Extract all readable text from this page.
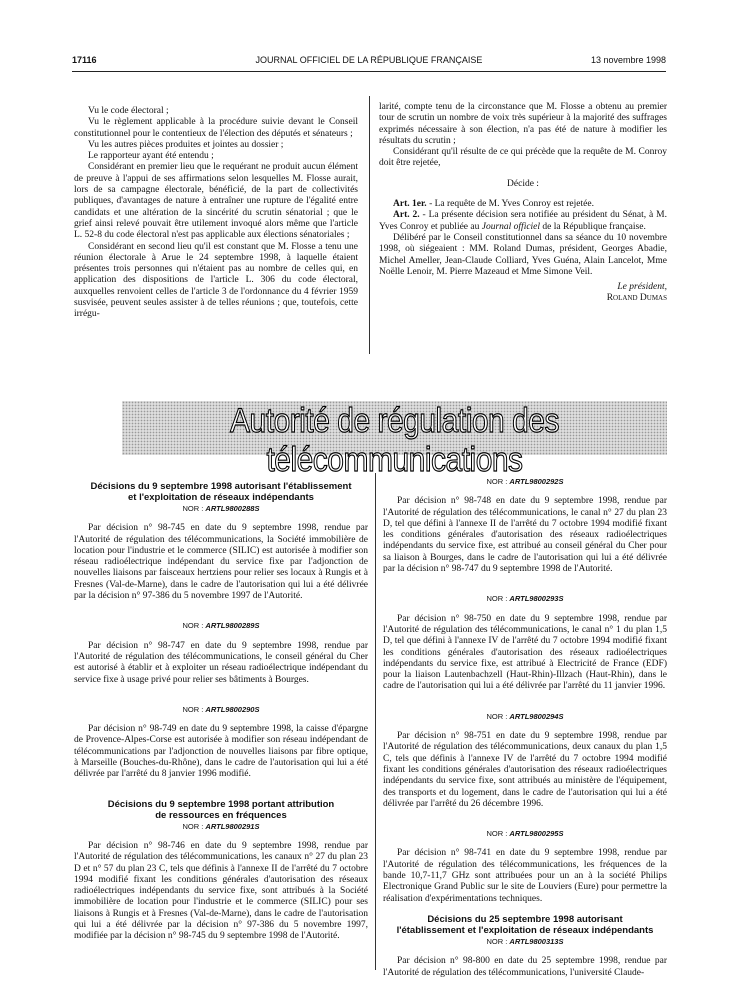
17116	JOURNAL OFFICIEL DE LA RÉPUBLIQUE FRANÇAISE	13 novembre 1998

Vu le code électoral ;

Vu le règlement applicable à la procédure suivie devant le Conseil constitutionnel pour le contentieux de l'élection des députés et sénateurs ;

Vu les autres pièces produites et jointes au dossier ;

Le rapporteur ayant été entendu ;

Considérant en premier lieu que le requérant ne produit aucun élément de preuve à l'appui de ses affirmations selon lesquelles M. Flosse aurait, lors de sa campagne électorale, bénéficié, de la part de collectivités publiques, d'avantages de nature à entraîner une rupture de l'égalité entre candidats et une altération de la sincérité du scrutin sénatorial ; que le grief ainsi relevé pouvait être utilement invoqué alors même que l'article L. 52-8 du code électoral n'est pas applicable aux élections sénatoriales ;

Considérant en second lieu qu'il est constant que M. Flosse a tenu une réunion électorale à Arue le 24 septembre 1998, à laquelle étaient présentes trois personnes qui n'étaient pas au nombre de celles qui, en application des dispositions de l'article L. 306 du code électoral, auxquelles renvoient celles de l'article 3 de l'ordonnance du 4 février 1959 susvisée, peuvent seules assister à de telles réunions ; que, toutefois, cette irrégu-

larité, compte tenu de la circonstance que M. Flosse a obtenu au premier tour de scrutin un nombre de voix très supérieur à la majorité des suffrages exprimés nécessaire à son élection, n'a pas été de nature à modifier les résultats du scrutin ;

Considérant qu'il résulte de ce qui précède que la requête de M. Conroy doit être rejetée,

Décide :

Art. 1er. - La requête de M. Yves Conroy est rejetée.

Art. 2. - La présente décision sera notifiée au président du Sénat, à M. Yves Conroy et publiée au Journal officiel de la République française.

Délibéré par le Conseil constitutionnel dans sa séance du 10 novembre 1998, où siégeaient : MM. Roland Dumas, président, Georges Abadie, Michel Ameller, Jean-Claude Colliard, Yves Guéna, Alain Lancelot, Mme Noëlle Lenoir, M. Pierre Mazeaud et Mme Simone Veil.

Le président,

Roland Dumas

Autorité de régulation des télécommunications

Décisions du 9 septembre 1998 autorisant l'établissement

et l'exploitation de réseaux indépendants

NOR : ARTL9800288S

Par décision n° 98-745 en date du 9 septembre 1998, rendue par l'Autorité de régulation des télécommunications, la Société immobilière de location pour l'industrie et le commerce (SILIC) est autorisée à modifier son réseau radioélectrique indépendant du service fixe par l'adjonction de nouvelles liaisons par faisceaux hertziens pour relier ses locaux à Rungis et à Fresnes (Val-de-Marne), dans le cadre de l'autorisation qui lui a été délivrée par la décision n° 97-386 du 5 novembre 1997 de l'Autorité.

NOR : ARTL9800289S

Par décision n° 98-747 en date du 9 septembre 1998, rendue par l'Autorité de régulation des télécommunications, le conseil général du Cher est autorisé à établir et à exploiter un réseau radioélectrique indépendant du service fixe à usage privé pour relier ses bâtiments à Bourges.

NOR : ARTL9800290S

Par décision n° 98-749 en date du 9 septembre 1998, la caisse d'épargne de Provence-Alpes-Corse est autorisée à modifier son réseau indépendant de télécommunications par l'adjonction de nouvelles liaisons par fibre optique, à Marseille (Bouches-du-Rhône), dans le cadre de l'autorisation qui lui a été délivrée par l'arrêté du 8 janvier 1996 modifié.

Décisions du 9 septembre 1998 portant attribution

de ressources en fréquences

NOR : ARTL9800291S

Par décision n° 98-746 en date du 9 septembre 1998, rendue par l'Autorité de régulation des télécommunications, les canaux n° 27 du plan 23 D et n° 57 du plan 23 C, tels que définis à l'annexe II de l'arrêté du 7 octobre 1994 modifié fixant les conditions générales d'autorisation des réseaux radioélectriques indépendants du service fixe, sont attribués à la Société immobilière de location pour l'industrie et le commerce (SILIC) pour ses liaisons à Rungis et à Fresnes (Val-de-Marne), dans le cadre de l'autorisation qui lui a été délivrée par la décision n° 97-386 du 5 novembre 1997, modifiée par la décision n° 98-745 du 9 septembre 1998 de l'Autorité.

NOR : ARTL9800292S

Par décision n° 98-748 en date du 9 septembre 1998, rendue par l'Autorité de régulation des télécommunications, le canal n° 27 du plan 23 D, tel que défini à l'annexe II de l'arrêté du 7 octobre 1994 modifié fixant les conditions générales d'autorisation des réseaux radioélectriques indépendants du service fixe, est attribué au conseil général du Cher pour sa liaison à Bourges, dans le cadre de l'autorisation qui lui a été délivrée par la décision n° 98-747 du 9 septembre 1998 de l'Autorité.

NOR : ARTL9800293S

Par décision n° 98-750 en date du 9 septembre 1998, rendue par l'Autorité de régulation des télécommunications, le canal n° 1 du plan 1,5 D, tel que défini à l'annexe IV de l'arrêté du 7 octobre 1994 modifié fixant les conditions générales d'autorisation des réseaux radioélectriques indépendants du service fixe, est attribué à Electricité de France (EDF) pour la liaison Lautenbachzell (Haut-Rhin)-Illzach (Haut-Rhin), dans le cadre de l'autorisation qui lui a été délivrée par l'arrêté du 11 janvier 1996.

NOR : ARTL9800294S

Par décision n° 98-751 en date du 9 septembre 1998, rendue par l'Autorité de régulation des télécommunications, deux canaux du plan 1,5 C, tels que définis à l'annexe IV de l'arrêté du 7 octobre 1994 modifié fixant les conditions générales d'autorisation des réseaux radioélectriques indépendants du service fixe, sont attribués au ministère de l'équipement, des transports et du logement, dans le cadre de l'autorisation qui lui a été délivrée par l'arrêté du 26 décembre 1996.

NOR : ARTL9800295S

Par décision n° 98-741 en date du 9 septembre 1998, rendue par l'Autorité de régulation des télécommunications, les fréquences de la bande 10,7-11,7 GHz sont attribuées pour un an à la société Philips Electronique Grand Public sur le site de Louviers (Eure) pour permettre la réalisation d'expérimentations techniques.

Décisions du 25 septembre 1998 autorisant

l'établissement et l'exploitation de réseaux indépendants

NOR : ARTL9800313S

Par décision n° 98-800 en date du 25 septembre 1998, rendue par l'Autorité de régulation des télécommunications, l'université Claude-
